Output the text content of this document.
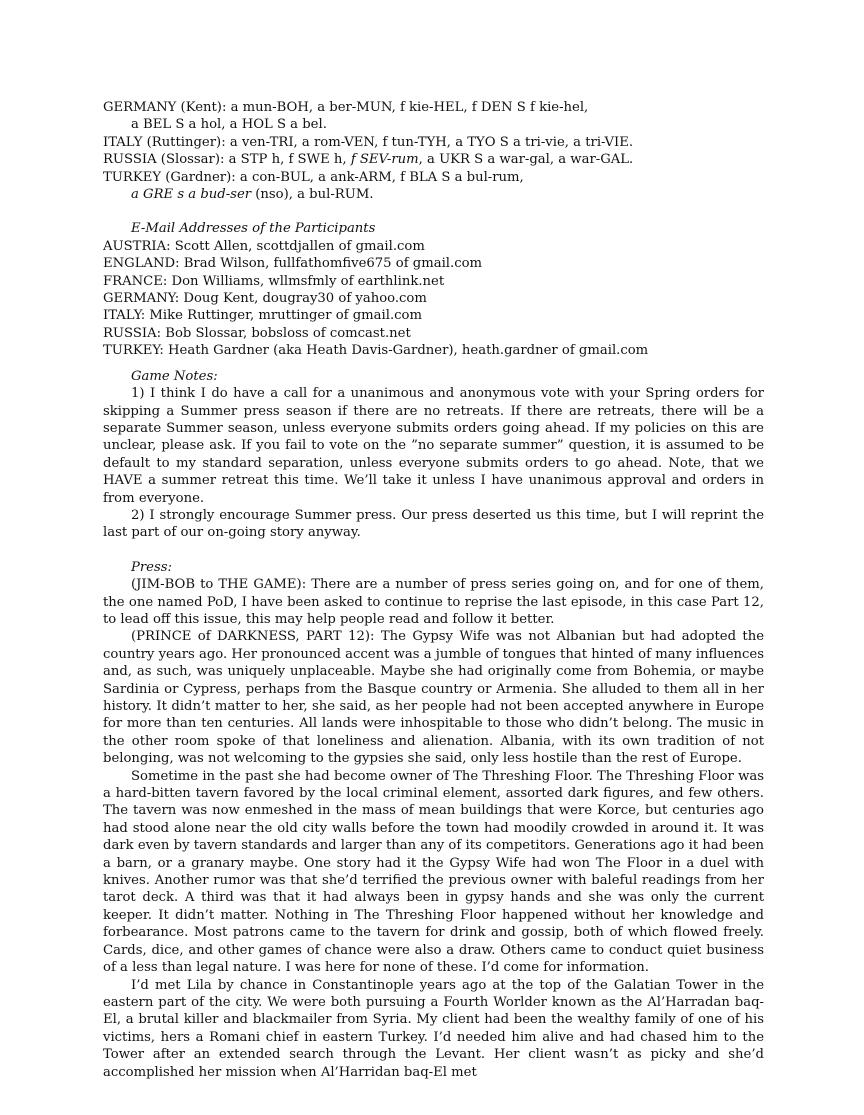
GERMANY (Kent): a mun-BOH, a ber-MUN, f kie-HEL, f DEN S f kie-hel,
a BEL S a hol, a HOL S a bel.
ITALY (Ruttinger): a ven-TRI, a rom-VEN, f tun-TYH, a TYO S a tri-vie, a tri-VIE.
RUSSIA (Slossar): a STP h, f SWE h, f SEV-rum, a UKR S a war-gal, a war-GAL.
TURKEY (Gardner): a con-BUL, a ank-ARM, f BLA S a bul-rum,
a GRE s a bud-ser (nso), a bul-RUM.
E-Mail Addresses of the Participants
AUSTRIA: Scott Allen, scottdjallen of gmail.com
ENGLAND: Brad Wilson, fullfathomfive675 of gmail.com
FRANCE: Don Williams, wllmsfmly of earthlink.net
GERMANY: Doug Kent, dougray30 of yahoo.com
ITALY: Mike Ruttinger, mruttinger of gmail.com
RUSSIA: Bob Slossar, bobsloss of comcast.net
TURKEY: Heath Gardner (aka Heath Davis-Gardner), heath.gardner of gmail.com
Game Notes:

1) I think I do have a call for a unanimous and anonymous vote with your Spring orders for skipping a Summer press season if there are no retreats. If there are retreats, there will be a separate Summer season, unless everyone submits orders going ahead. If my policies on this are unclear, please ask. If you fail to vote on the ”no separate summer” question, it is assumed to be default to my standard separation, unless everyone submits orders to go ahead. Note, that we HAVE a summer retreat this time. We’ll take it unless I have unanimous approval and orders in from everyone.

2) I strongly encourage Summer press. Our press deserted us this time, but I will reprint the last part of our on-going story anyway.

Press:

(JIM-BOB to THE GAME): There are a number of press series going on, and for one of them, the one named PoD, I have been asked to continue to reprise the last episode, in this case Part 12, to lead off this issue, this may help people read and follow it better.

(PRINCE of DARKNESS, PART 12): The Gypsy Wife was not Albanian but had adopted the country years ago. Her pronounced accent was a jumble of tongues that hinted of many influences and, as such, was uniquely unplaceable. Maybe she had originally come from Bohemia, or maybe Sardinia or Cypress, perhaps from the Basque country or Armenia. She alluded to them all in her history. It didn’t matter to her, she said, as her people had not been accepted anywhere in Europe for more than ten centuries. All lands were inhospitable to those who didn’t belong. The music in the other room spoke of that loneliness and alienation. Albania, with its own tradition of not belonging, was not welcoming to the gypsies she said, only less hostile than the rest of Europe.

Sometime in the past she had become owner of The Threshing Floor. The Threshing Floor was a hard-bitten tavern favored by the local criminal element, assorted dark figures, and few others. The tavern was now enmeshed in the mass of mean buildings that were Korce, but centuries ago had stood alone near the old city walls before the town had moodily crowded in around it. It was dark even by tavern standards and larger than any of its competitors. Generations ago it had been a barn, or a granary maybe. One story had it the Gypsy Wife had won The Floor in a duel with knives. Another rumor was that she’d terrified the previous owner with baleful readings from her tarot deck. A third was that it had always been in gypsy hands and she was only the current keeper. It didn’t matter. Nothing in The Threshing Floor happened without her knowledge and forbearance. Most patrons came to the tavern for drink and gossip, both of which flowed freely. Cards, dice, and other games of chance were also a draw. Others came to conduct quiet business of a less than legal nature. I was here for none of these. I’d come for information.

I’d met Lila by chance in Constantinople years ago at the top of the Galatian Tower in the eastern part of the city. We were both pursuing a Fourth Worlder known as the Al’Harradan baq-El, a brutal killer and blackmailer from Syria. My client had been the wealthy family of one of his victims, hers a Romani chief in eastern Turkey. I’d needed him alive and had chased him to the Tower after an extended search through the Levant. Her client wasn’t as picky and she’d accomplished her mission when Al’Harridan baq-El met
